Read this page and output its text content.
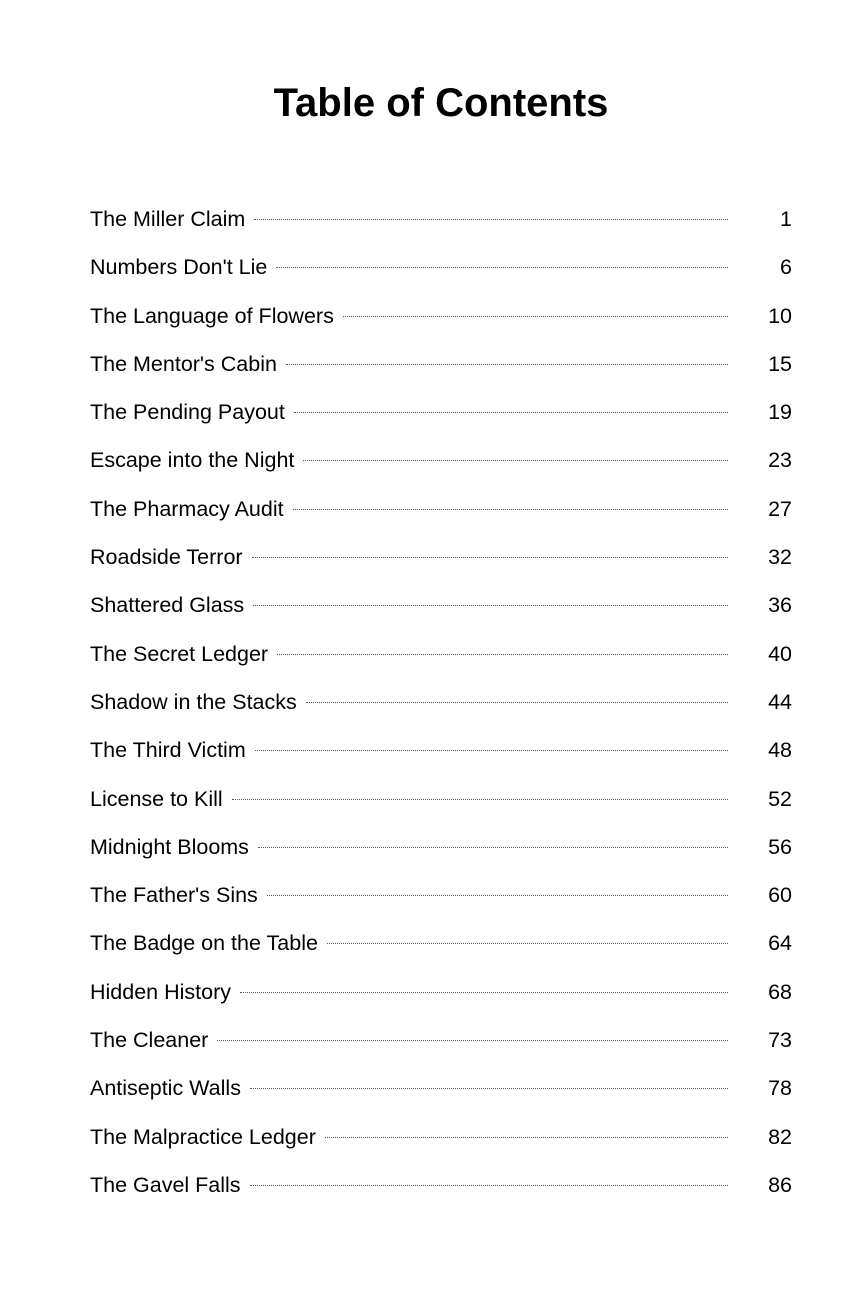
Table of Contents
The Miller Claim	1
Numbers Don't Lie	6
The Language of Flowers	10
The Mentor's Cabin	15
The Pending Payout	19
Escape into the Night	23
The Pharmacy Audit	27
Roadside Terror	32
Shattered Glass	36
The Secret Ledger	40
Shadow in the Stacks	44
The Third Victim	48
License to Kill	52
Midnight Blooms	56
The Father's Sins	60
The Badge on the Table	64
Hidden History	68
The Cleaner	73
Antiseptic Walls	78
The Malpractice Ledger	82
The Gavel Falls	86
